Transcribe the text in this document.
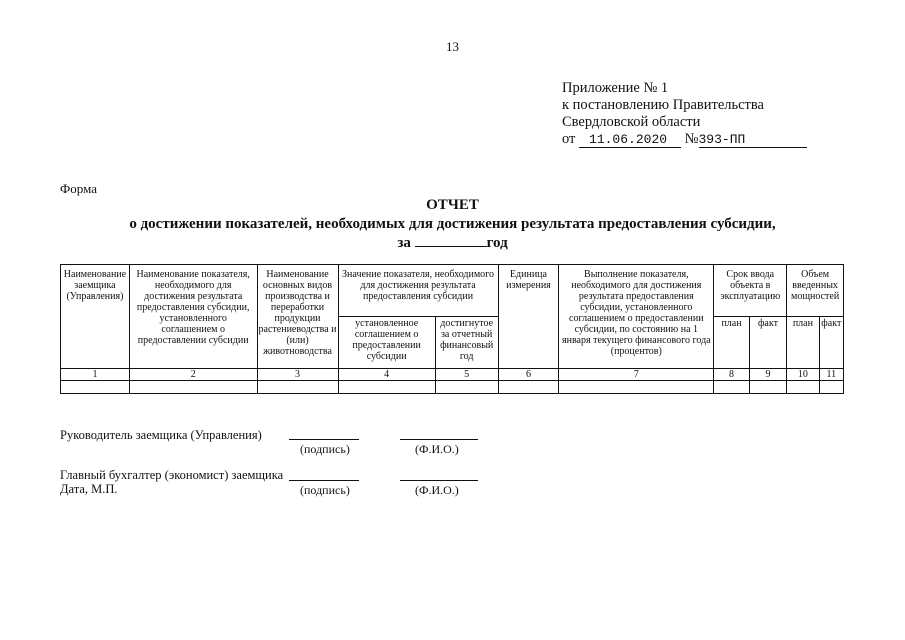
13
Приложение № 1
к постановлению Правительства
Свердловской области
от 11.06.2020 №393-ПП
Форма
ОТЧЕТ
о достижении показателей, необходимых для достижения результата предоставления субсидии,
за	год
Наименование заемщика (Управления)	Наименование показателя, необходимого для достижения результата предоставления субсидии, установленного соглашением о предоставлении субсидии	Наименование основных видов производства и переработки продукции растениеводства и (или) животноводства	Значение показателя, необходимого для достижения результата предоставления субсидии		Единица измерения	Выполнение показателя, необходимого для достижения результата предоставления субсидии, установленного соглашением о предоставлении субсидии, по состоянию на 1 января текущего финансового года (процентов)	Срок ввода объекта в эксплуатацию		Объем введенных мощностей	
			установленное соглашением о предоставлении субсидии	достигнутое за отчетный финансовый год			план	факт	план	факт
1	2	3	4	5	6	7	8	9	10	11

Руководитель заемщика (Управления)
(подпись)	(Ф.И.О.)
Главный бухгалтер (экономист) заемщика
Дата, М.П.	(подпись)	(Ф.И.О.)
